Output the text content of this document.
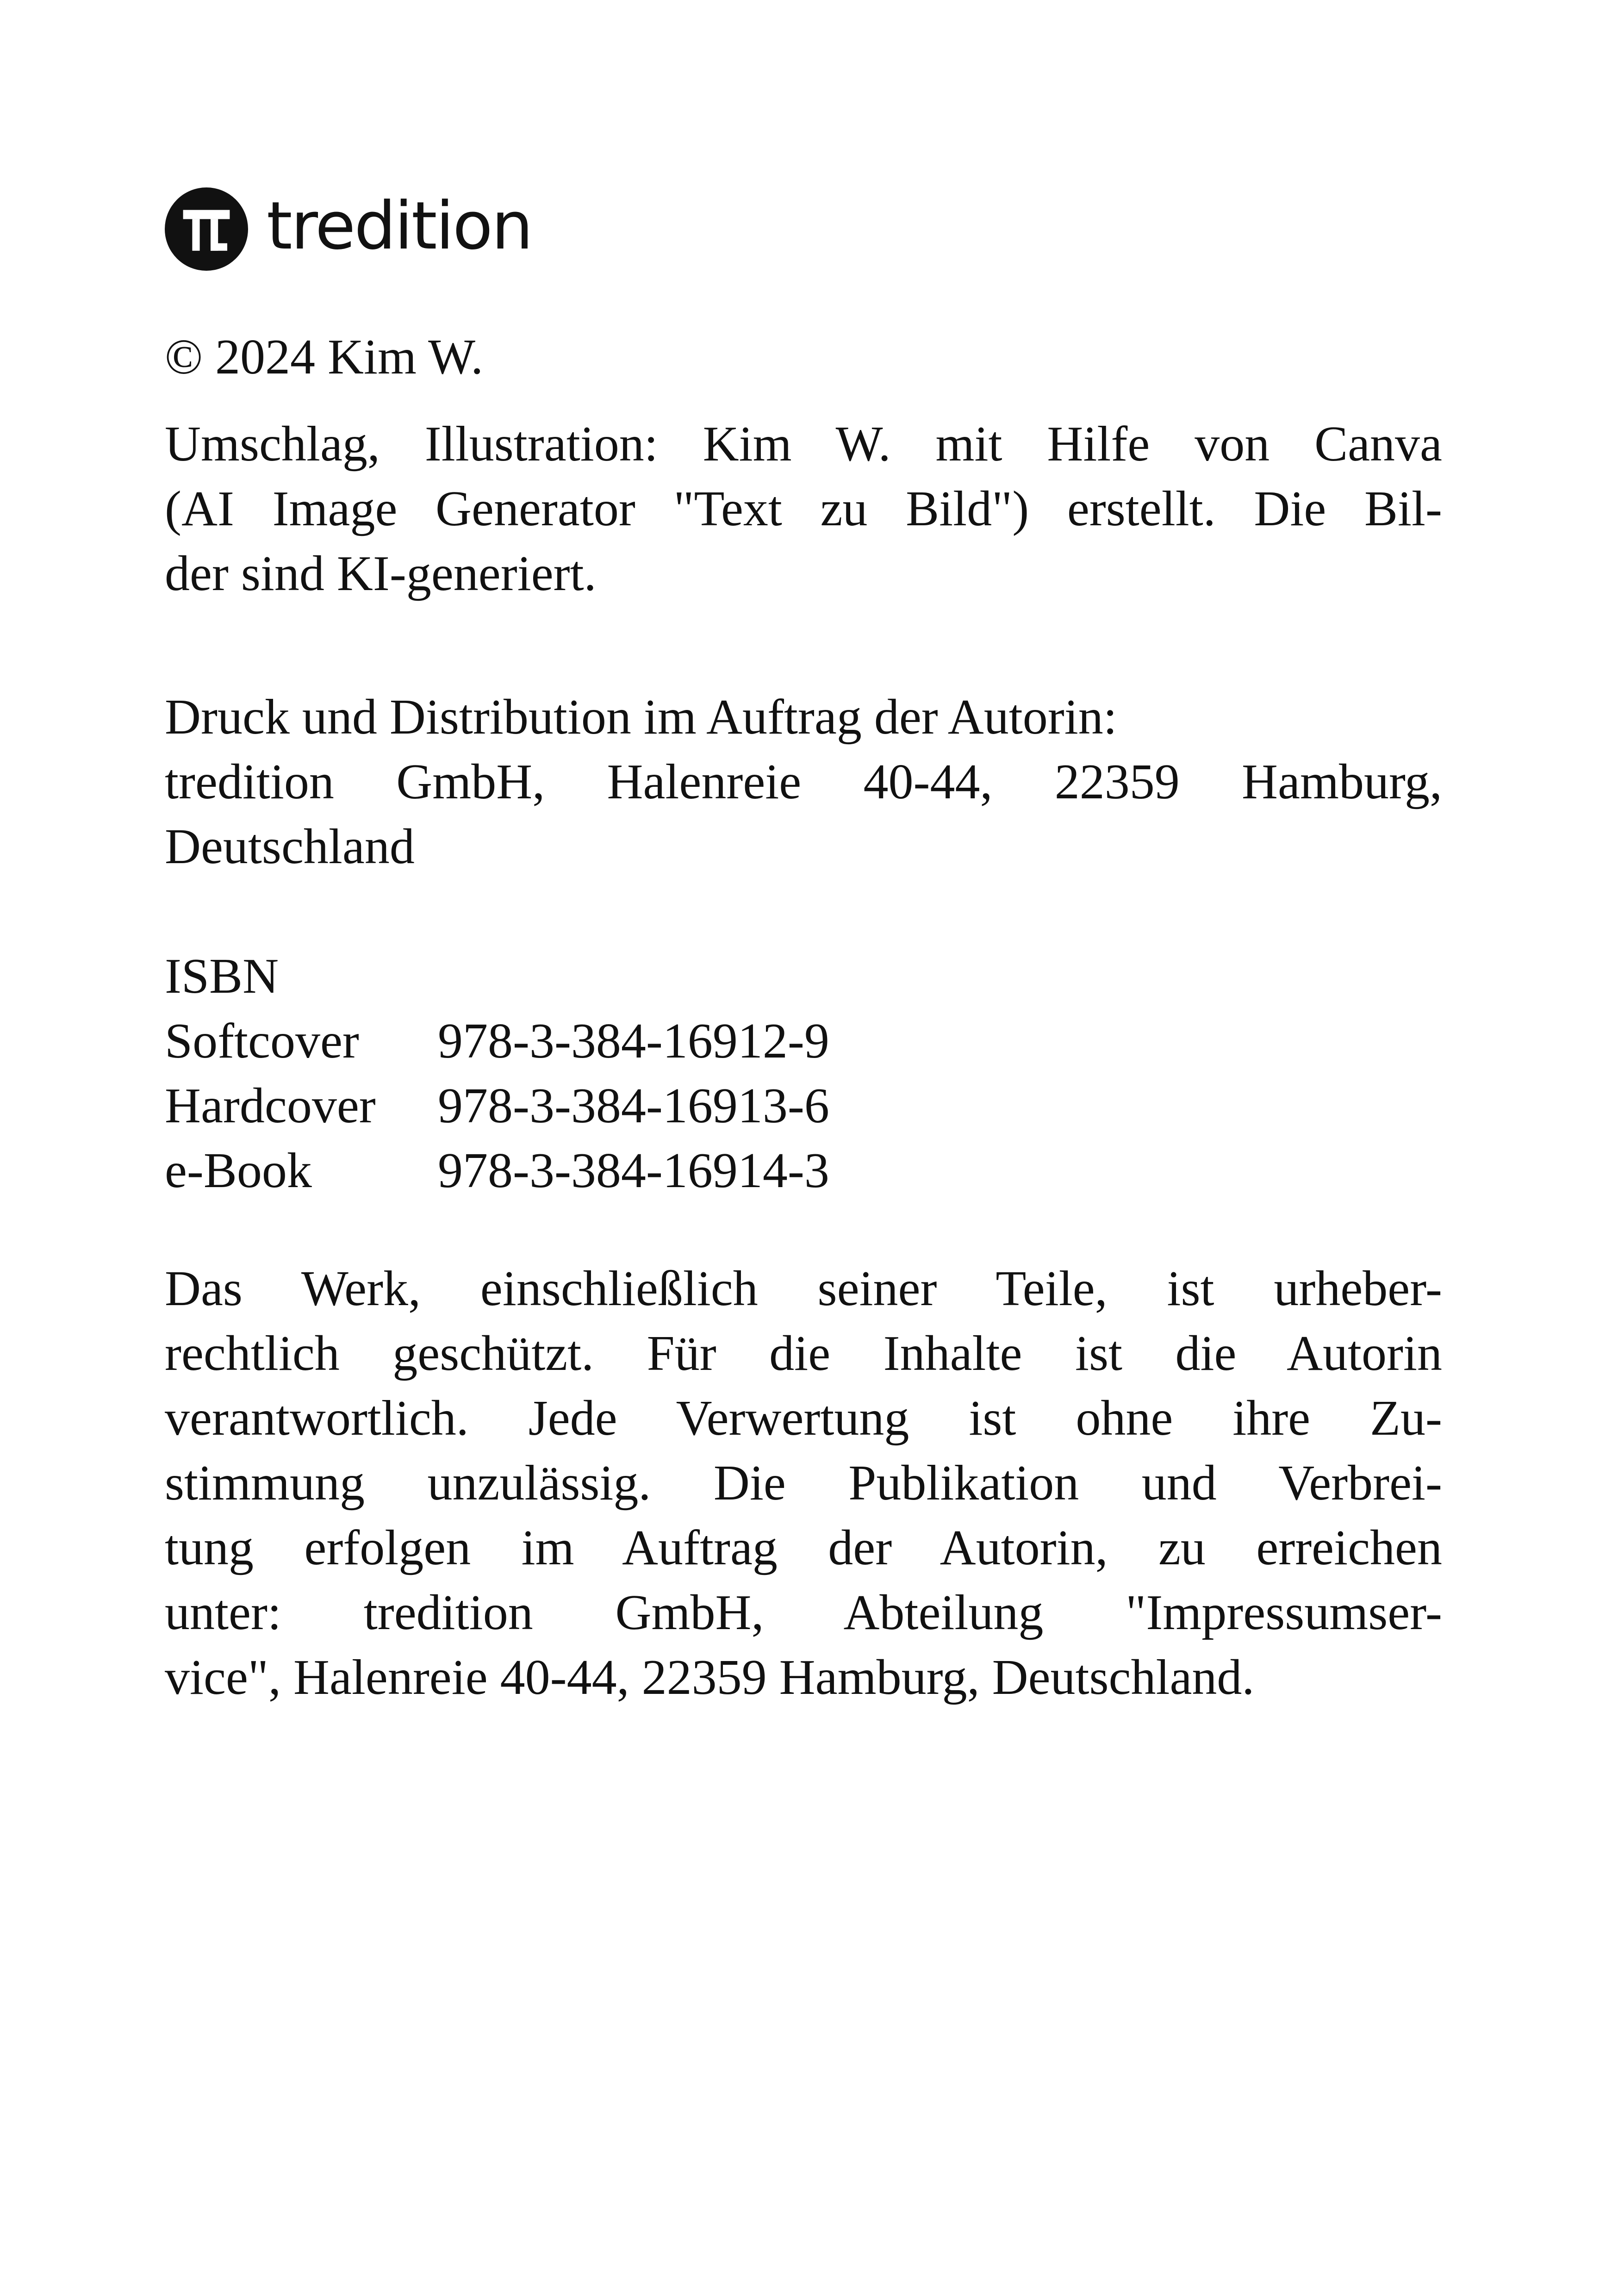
tredition

© 2024 Kim W.

Umschlag, Illustration: Kim W. mit Hilfe von Canva
(AI Image Generator "Text zu Bild") erstellt. Die Bil-
der sind KI-generiert.
Druck und Distribution im Auftrag der Autorin:
tredition GmbH, Halenreie 40-44, 22359 Hamburg,
Deutschland
ISBN
Softcover	978-3-384-16912-9
Hardcover	978-3-384-16913-6
e-Book	978-3-384-16914-3
Das Werk, einschließlich seiner Teile, ist urheber-
rechtlich geschützt. Für die Inhalte ist die Autorin
verantwortlich. Jede Verwertung ist ohne ihre Zu-
stimmung unzulässig. Die Publikation und Verbrei-
tung erfolgen im Auftrag der Autorin, zu erreichen
unter: tredition GmbH, Abteilung "Impressumser-
vice", Halenreie 40-44, 22359 Hamburg, Deutschland.
